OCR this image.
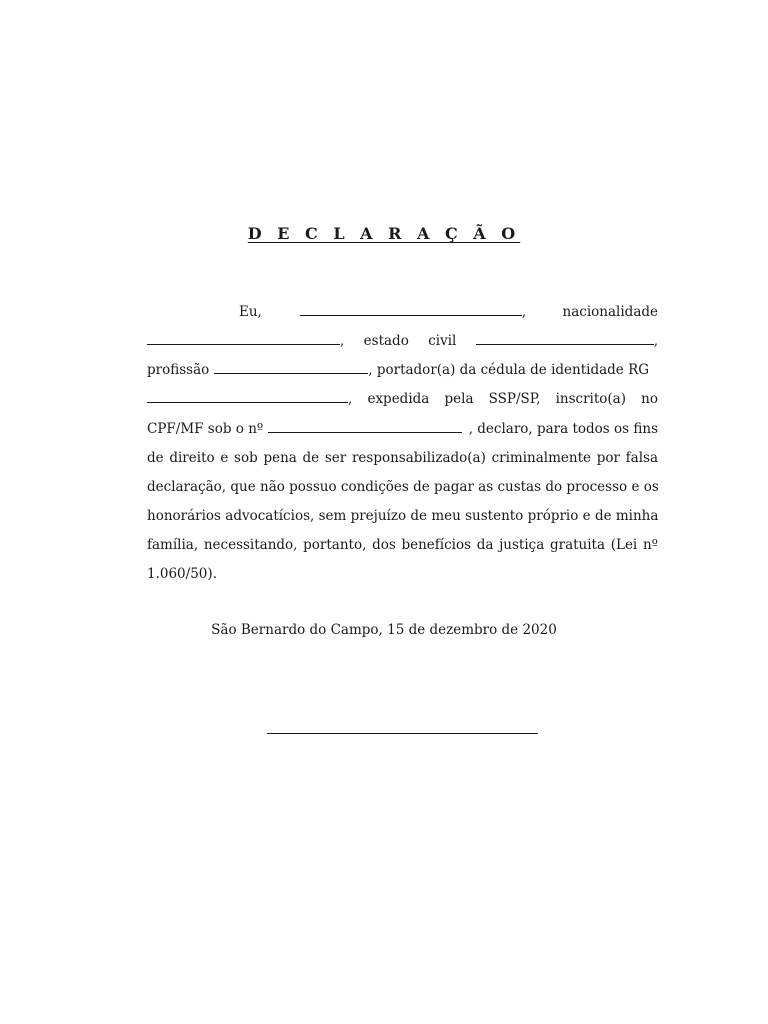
D E C L A R A Ç Ã O
Eu,	,	nacionalidade
, estado civil	,
profissão	, portador(a) da cédula de identidade RG
, expedida pela SSP/SP, inscrito(a) no
CPF/MF sob o nº	, declaro, para todos os fins
de direito e sob pena de ser responsabilizado(a) criminalmente por falsa
declaração, que não possuo condições de pagar as custas do processo e os
honorários advocatícios, sem prejuízo de meu sustento próprio e de minha
família, necessitando, portanto, dos benefícios da justiça gratuita (Lei nº
1.060/50).
São Bernardo do Campo, 15 de dezembro de 2020
